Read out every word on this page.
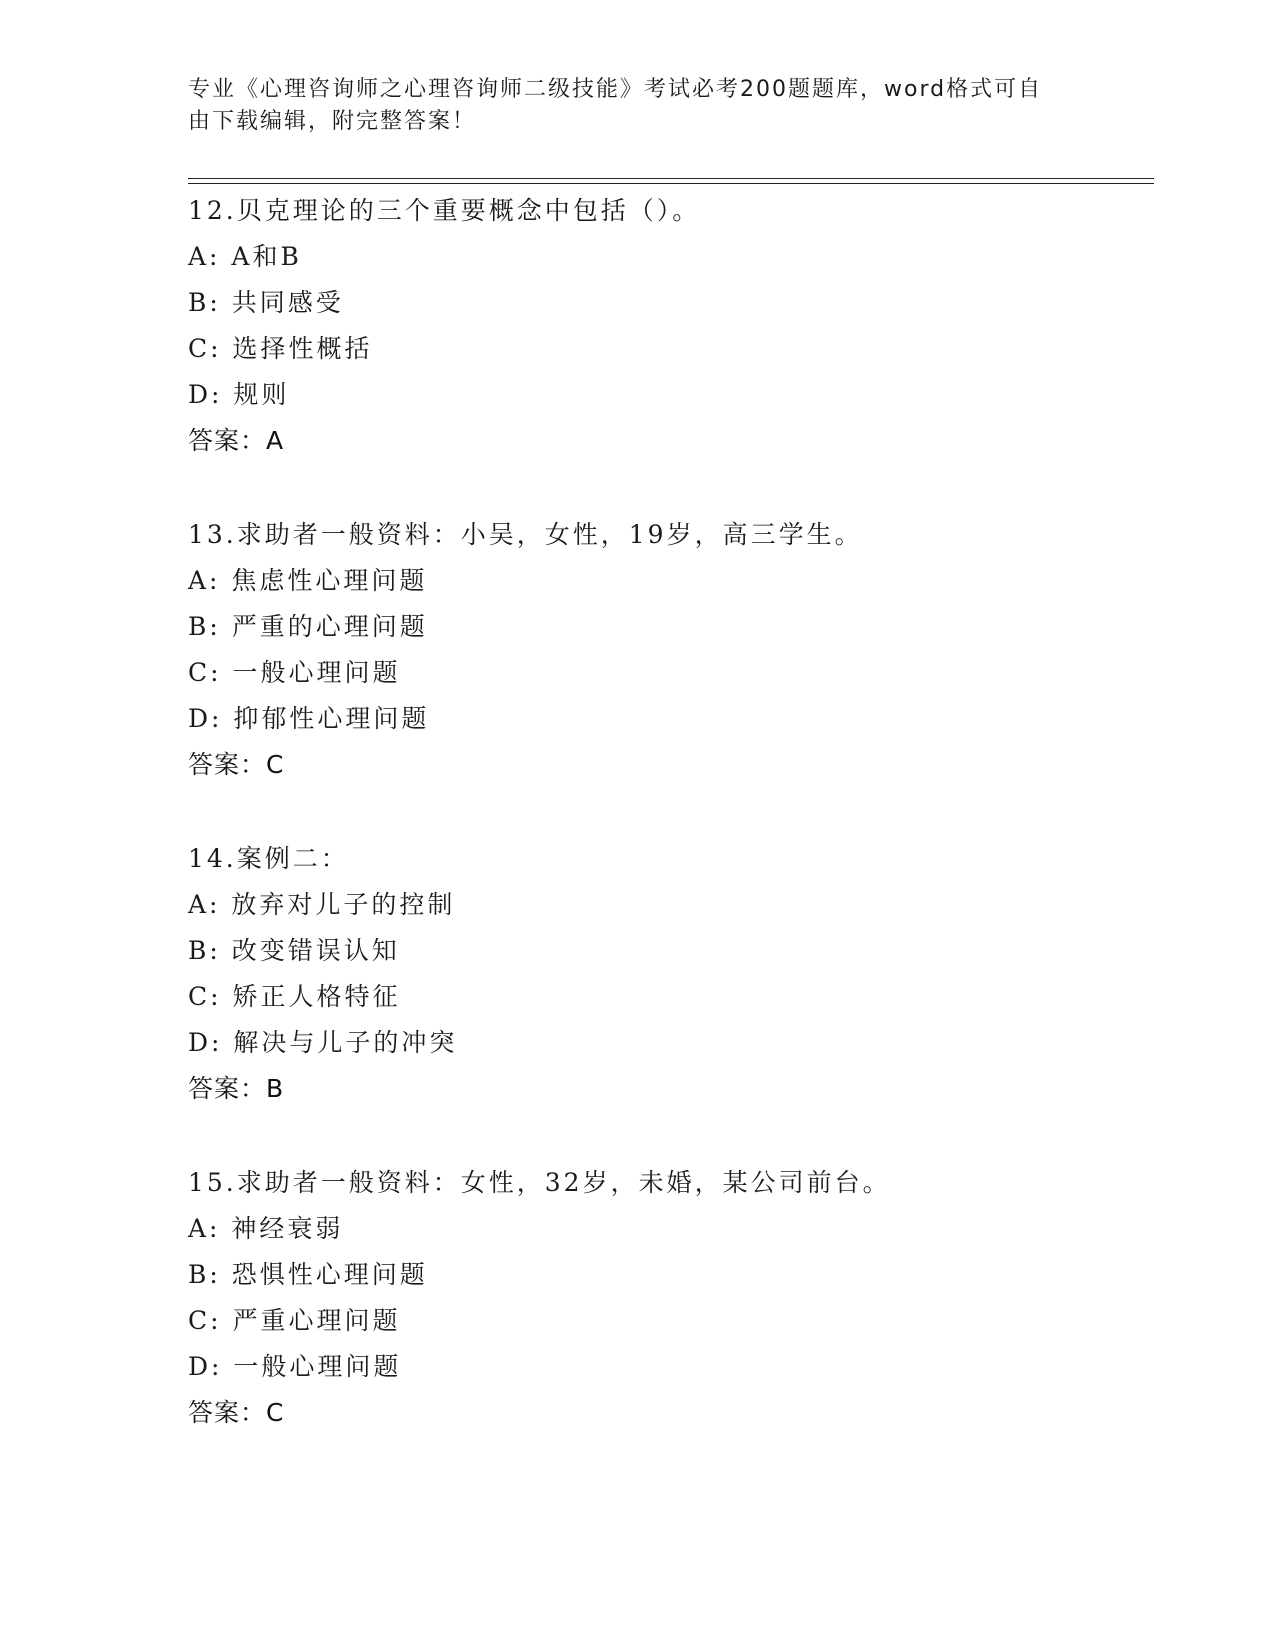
专业《心理咨询师之心理咨询师二级技能》考试必考200题题库，word格式可自
由下载编辑，附完整答案！
12.贝克理论的三个重要概念中包括（）。
A: A和B
B: 共同感受
C: 选择性概括
D: 规则
答案：A
13.求助者一般资料：小吴，女性，19岁，高三学生。
A: 焦虑性心理问题
B: 严重的心理问题
C: 一般心理问题
D: 抑郁性心理问题
答案：C
14.案例二：
A: 放弃对儿子的控制
B: 改变错误认知
C: 矫正人格特征
D: 解决与儿子的冲突
答案：B
15.求助者一般资料：女性，32岁，未婚，某公司前台。
A: 神经衰弱
B: 恐惧性心理问题
C: 严重心理问题
D: 一般心理问题
答案：C
